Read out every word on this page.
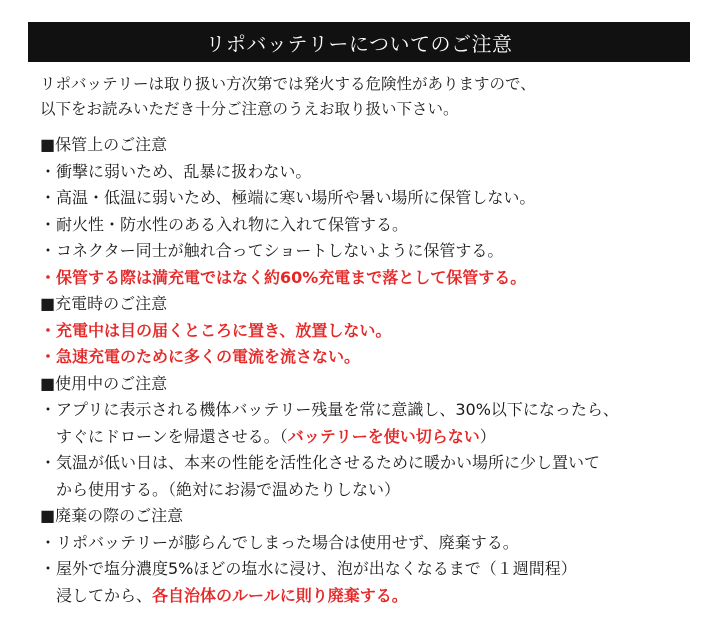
リポバッテリーについてのご注意
リポバッテリーは取り扱い方次第では発火する危険性がありますので、
以下をお読みいただき十分ご注意のうえお取り扱い下さい。
■保管上のご注意
・衝撃に弱いため、乱暴に扱わない。
・高温・低温に弱いため、極端に寒い場所や暑い場所に保管しない。
・耐火性・防水性のある入れ物に入れて保管する。
・コネクター同士が触れ合ってショートしないように保管する。
・保管する際は満充電ではなく約60%充電まで落として保管する。
■充電時のご注意
・充電中は目の届くところに置き、放置しない。
・急速充電のために多くの電流を流さない。
■使用中のご注意
・アプリに表示される機体バッテリー残量を常に意識し、30%以下になったら、
すぐにドローンを帰還させる。（バッテリーを使い切らない）
・気温が低い日は、本来の性能を活性化させるために暖かい場所に少し置いて
から使用する。（絶対にお湯で温めたりしない）
■廃棄の際のご注意
・リポバッテリーが膨らんでしまった場合は使用せず、廃棄する。
・屋外で塩分濃度5%ほどの塩水に浸け、泡が出なくなるまで（１週間程）
浸してから、各自治体のルールに則り廃棄する。
